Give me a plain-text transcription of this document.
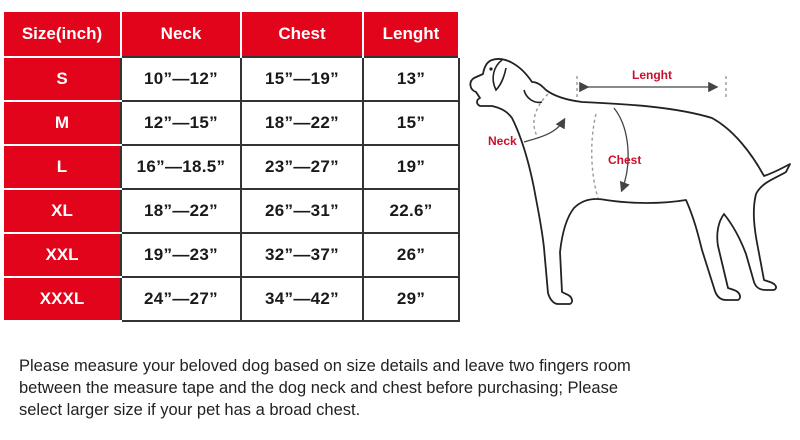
Size(inch)	Neck	Chest	Lenght
S	10”—12”	15”—19”	13”
M	12”—15”	18”—22”	15”
L	16”—18.5”	23”—27”	19”
XL	18”—22”	26”—31”	22.6”
XXL	19”—23”	32”—37”	26”
XXXL	24”—27”	34”—42”	29”
Lenght
Neck
Chest

Please measure your beloved dog based on size details and leave two fingers room between the measure tape and the dog neck and chest before purchasing; Please select larger size if your pet has a broad chest.
